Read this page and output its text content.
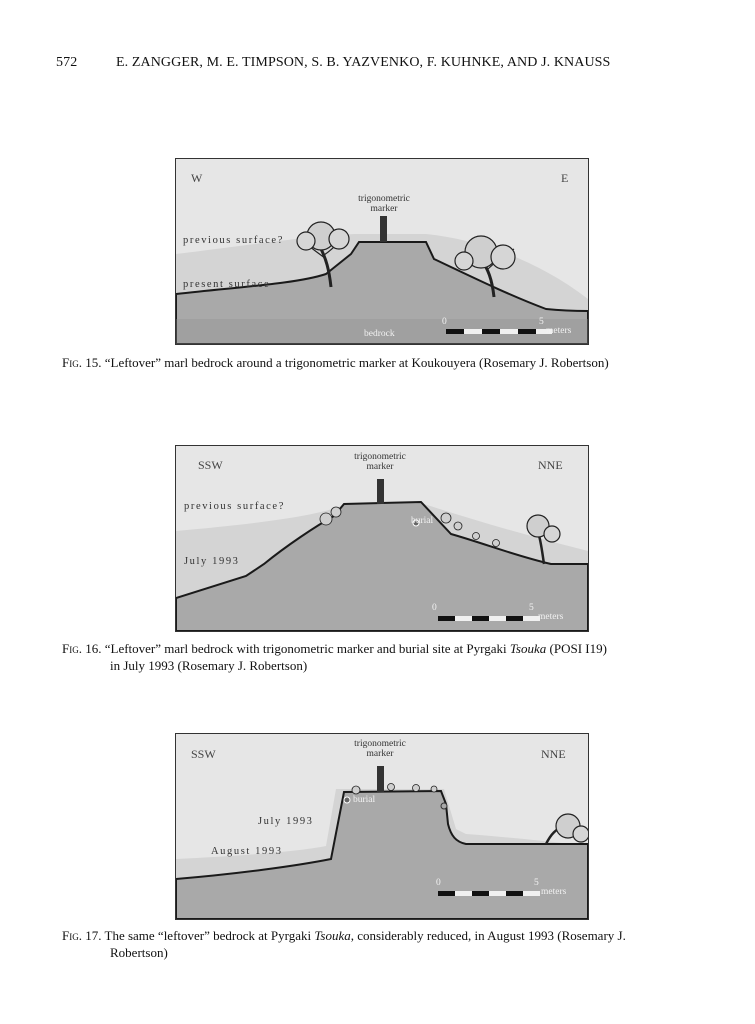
572	E. ZANGGER, M. E. TIMPSON, S. B. YAZVENKO, F. KUHNKE, AND J. KNAUSS
W	E
trigonometric
marker
previous surface?
present surface
bedrock
0	5
meters
Fig. 15. “Leftover” marl bedrock around a trigonometric marker at Koukouyera (Rosemary J. Robertson)
SSW	NNE
trigonometric
marker
previous surface?
July 1993
burial
0	5
meters
Fig. 16. “Leftover” marl bedrock with trigonometric marker and burial site at Pyrgaki Tsouka (POSI I19)
in July 1993 (Rosemary J. Robertson)
SSW	NNE
trigonometric
marker
July 1993
August 1993
burial
0	5
meters
Fig. 17. The same “leftover” bedrock at Pyrgaki Tsouka, considerably reduced, in August 1993 (Rosemary J.
Robertson)
